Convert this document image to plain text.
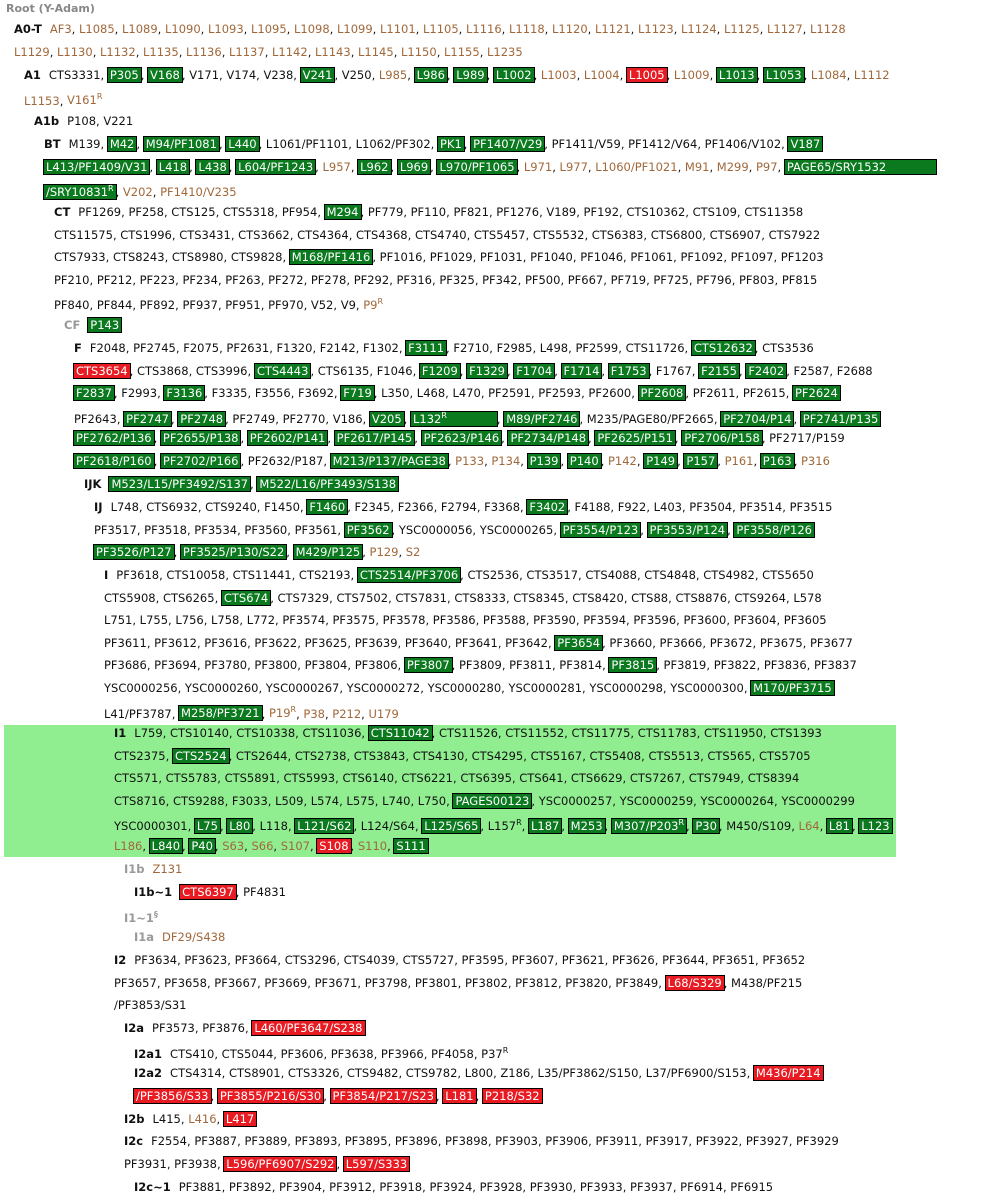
Root (Y-Adam)
A0-T AF3, L1085, L1089, L1090, L1093, L1095, L1098, L1099, L1101, L1105, L1116, L1118, L1120, L1121, L1123, L1124, L1125, L1127, L1128
L1129, L1130, L1132, L1135, L1136, L1137, L1142, L1143, L1145, L1150, L1155, L1235
A1 CTS3331, P305 , V168 , V171, V174, V238, V241 , V250, L985, L986 , L989 , L1002 , L1003, L1004, L1005 , L1009, L1013 , L1053 , L1084, L1112
L1153, $V161^R$
A1b P108, V221
BT M139, M42 , M94/PF1081 , L440 , L1061/PF1101, L1062/PF302, PK1 , PF1407/V29 , PF1411/V59, PF1412/V64, PF1406/V102, V187
L413/PF1409/V31 , L418 , L438 , L604/PF1243 , L957, L962 , L969 , L970/PF1065 , L971, L977, L1060/PF1021, M91, M299, P97, PAGE65/SRY1532
$/SRY10831^R$ , V202, PF1410/V235
CT PF1269, PF258, CTS125, CTS5318, PF954, M294 , PF779, PF110, PF821, PF1276, V189, PF192, CTS10362, CTS109, CTS11358
CTS11575, CTS1996, CTS3431, CTS3662, CTS4364, CTS4368, CTS4740, CTS5457, CTS5532, CTS6383, CTS6800, CTS6907, CTS7922
CTS7933, CTS8243, CTS8980, CTS9828, M168/PF1416 , PF1016, PF1029, PF1031, PF1040, PF1046, PF1061, PF1092, PF1097, PF1203
PF210, PF212, PF223, PF234, PF263, PF272, PF278, PF292, PF316, PF325, PF342, PF500, PF667, PF719, PF725, PF796, PF803, PF815
PF840, PF844, PF892, PF937, PF951, PF970, V52, V9, $P9^R$
CF P143
F F2048, PF2745, F2075, PF2631, F1320, F2142, F1302, F3111 , F2710, F2985, L498, PF2599, CTS11726, CTS12632 , CTS3536
CTS3654 , CTS3868, CTS3996, CTS4443 , CTS6135, F1046, F1209 , F1329 , F1704 , F1714 , F1753 , F1767, F2155 , F2402 , F2587, F2688
F2837 , F2993, F3136 , F3335, F3556, F3692, F719 , L350, L468, L470, PF2591, PF2593, PF2600, PF2608 , PF2611, PF2615, PF2624
PF2643, PF2747 , PF2748 , PF2749, PF2770, V186, V205 , $L132^R$	, M89/PF2746 , M235/PAGE80/PF2665, PF2704/P14 , PF2741/P135
PF2762/P136 , PF2655/P138 , PF2602/P141 , PF2617/P145 , PF2623/P146 , PF2734/P148 , PF2625/P151 , PF2706/P158 , PF2717/P159
PF2618/P160 , PF2702/P166 , PF2632/P187, M213/P137/PAGE38 , P133, P134, P139 , P140 , P142, P149 , P157 , P161, P163 , P316
IJK M523/L15/PF3492/S137 , M522/L16/PF3493/S138
IJ L748, CTS6932, CTS9240, F1450, F1460 , F2345, F2366, F2794, F3368, F3402 , F4188, F922, L403, PF3504, PF3514, PF3515
PF3517, PF3518, PF3534, PF3560, PF3561, PF3562 , YSC0000056, YSC0000265, PF3554/P123 , PF3553/P124 , PF3558/P126
PF3526/P127 , PF3525/P130/S22 , M429/P125 , P129, S2
I PF3618, CTS10058, CTS11441, CTS2193, CTS2514/PF3706 , CTS2536, CTS3517, CTS4088, CTS4848, CTS4982, CTS5650
CTS5908, CTS6265, CTS674 , CTS7329, CTS7502, CTS7831, CTS8333, CTS8345, CTS8420, CTS88, CTS8876, CTS9264, L578
L751, L755, L756, L758, L772, PF3574, PF3575, PF3578, PF3586, PF3588, PF3590, PF3594, PF3596, PF3600, PF3604, PF3605
PF3611, PF3612, PF3616, PF3622, PF3625, PF3639, PF3640, PF3641, PF3642, PF3654 , PF3660, PF3666, PF3672, PF3675, PF3677
PF3686, PF3694, PF3780, PF3800, PF3804, PF3806, PF3807 , PF3809, PF3811, PF3814, PF3815 , PF3819, PF3822, PF3836, PF3837
YSC0000256, YSC0000260, YSC0000267, YSC0000272, YSC0000280, YSC0000281, YSC0000298, YSC0000300, M170/PF3715
L41/PF3787, M258/PF3721 , $P19^R$, P38, P212, U179
I1 L759, CTS10140, CTS10338, CTS11036, CTS11042 , CTS11526, CTS11552, CTS11775, CTS11783, CTS11950, CTS1393
CTS2375, CTS2524 , CTS2644, CTS2738, CTS3843, CTS4130, CTS4295, CTS5167, CTS5408, CTS5513, CTS565, CTS5705
CTS571, CTS5783, CTS5891, CTS5993, CTS6140, CTS6221, CTS6395, CTS641, CTS6629, CTS7267, CTS7949, CTS8394
CTS8716, CTS9288, F3033, L509, L574, L575, L740, L750, PAGES00123 , YSC0000257, YSC0000259, YSC0000264, YSC0000299
YSC0000301, L75 , L80 , L118, L121/S62 , L124/S64, L125/S65 , $L157^R$, L187 , M253 , $M307/P203^R$ , P30 , M450/S109, L64, L81 , L123
L186, L840 , P40 , S63, S66, S107, S108 , S110, S111
I1b Z131
I1b~1 CTS6397 , PF4831
I1~1§
I1a DF29/S438
I2 PF3634, PF3623, PF3664, CTS3296, CTS4039, CTS5727, PF3595, PF3607, PF3621, PF3626, PF3644, PF3651, PF3652
PF3657, PF3658, PF3667, PF3669, PF3671, PF3798, PF3801, PF3802, PF3812, PF3820, PF3849, L68/S329 , M438/PF215
/PF3853/S31
I2a PF3573, PF3876, L460/PF3647/S238
I2a1 CTS410, CTS5044, PF3606, PF3638, PF3966, PF4058, $P37^R$
I2a2 CTS4314, CTS8901, CTS3326, CTS9482, CTS9782, L800, Z186, L35/PF3862/S150, L37/PF6900/S153, M436/P214
/PF3856/S33 , PF3855/P216/S30 , PF3854/P217/S23 , L181 , P218/S32
I2b L415, L416, L417
I2c F2554, PF3887, PF3889, PF3893, PF3895, PF3896, PF3898, PF3903, PF3906, PF3911, PF3917, PF3922, PF3927, PF3929
PF3931, PF3938, L596/PF6907/S292 , L597/S333
I2c~1 PF3881, PF3892, PF3904, PF3912, PF3918, PF3924, PF3928, PF3930, PF3933, PF3937, PF6914, PF6915
